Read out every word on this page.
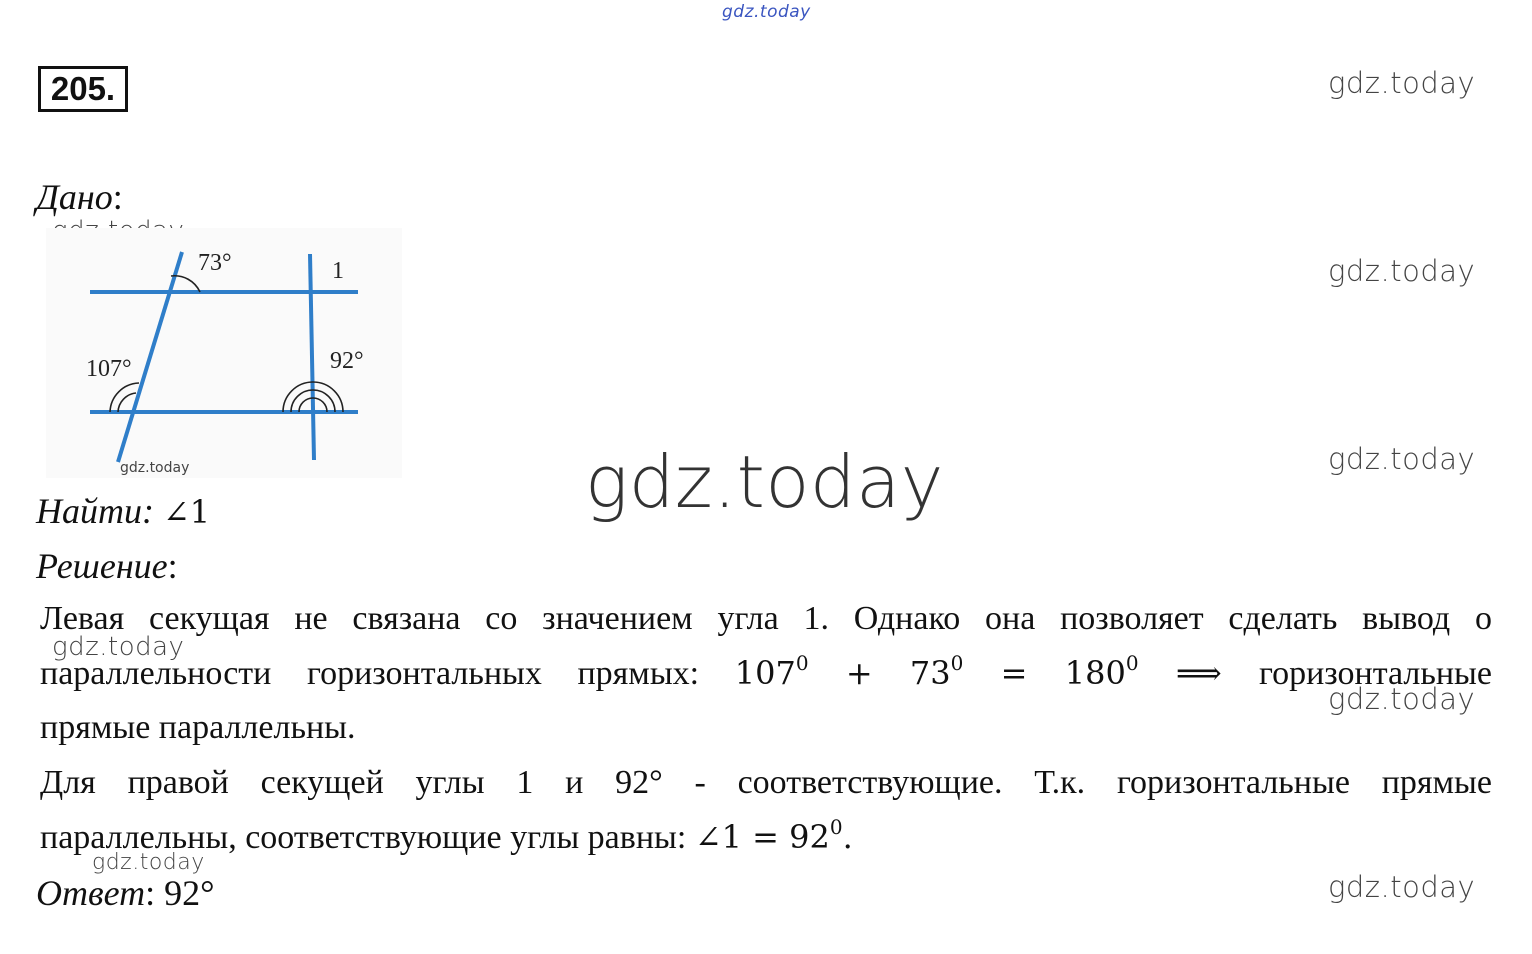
gdz.today
gdz.today
gdz.today
gdz.today
gdz.today
gdz.today
gdz.today
gdz.today
gdz.today
205.
Дано:
73°
107°	92°
1
gdz.today
Найти: ∠1
Решение:
Левая секущая не связана со значением угла 1. Однако она позволяет сделать вывод о
параллельности горизонтальных прямых: $107^0 + 73^0 = 180^0$ ⟹ горизонтальные
прямые параллельны.
Для правой секущей углы 1 и 92° - соответствующие. Т.к. горизонтальные прямые
параллельны, соответствующие углы равны: ∠1 = $92^0$.
Ответ: 92°
